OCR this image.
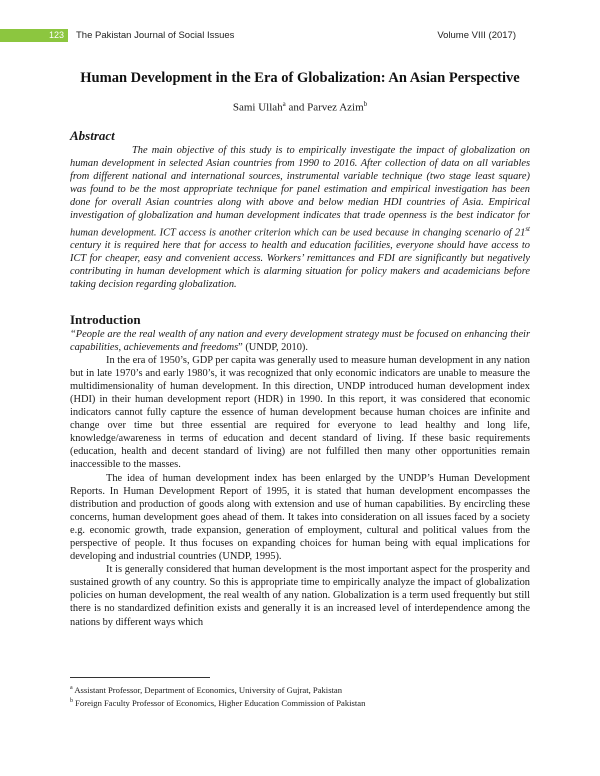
123	The Pakistan Journal of Social Issues	Volume VIII (2017)
Human Development in the Era of Globalization: An Asian Perspective
Sami Ullah$^a$ and Parvez Azim$^b$
Abstract

The main objective of this study is to empirically investigate the impact of globalization on human development in selected Asian countries from 1990 to 2016. After collection of data on all variables from different national and international sources, instrumental variable technique (two stage least square) was found to be the most appropriate technique for panel estimation and empirical investigation has been done for overall Asian countries along with above and below median HDI countries of Asia. Empirical investigation of globalization and human development indicates that trade openness is the best indicator for human development. ICT access is another criterion which can be used because in changing scenario of 21st century it is required here that for access to health and education facilities, everyone should have access to ICT for cheaper, easy and convenient access. Workers’ remittances and FDI are significantly but negatively contributing in human development which is alarming situation for policy makers and academicians before taking decision regarding globalization.

Introduction

“People are the real wealth of any nation and every development strategy must be focused on enhancing their capabilities, achievements and freedoms” (UNDP, 2010).

In the era of 1950’s, GDP per capita was generally used to measure human development in any nation but in late 1970’s and early 1980’s, it was recognized that only economic indicators are unable to measure the multidimensionality of human development. In this direction, UNDP introduced human development index (HDI) in their human development report (HDR) in 1990. In this report, it was considered that economic indicators cannot fully capture the essence of human development because human choices are infinite and change over time but three essential are required for everyone to lead healthy and long life, knowledge/awareness in terms of education and decent standard of living. If these basic requirements (education, health and decent standard of living) are not fulfilled then many other opportunities remain inaccessible to the masses.

The idea of human development index has been enlarged by the UNDP’s Human Development Reports. In Human Development Report of 1995, it is stated that human development encompasses the distribution and production of goods along with extension and use of human capabilities. By encircling these concerns, human development goes ahead of them. It takes into consideration on all issues faced by a society e.g. economic growth, trade expansion, generation of employment, cultural and political values from the perspective of people. It thus focuses on expanding choices for human being with equal implications for developing and industrial countries (UNDP, 1995).

It is generally considered that human development is the most important aspect for the prosperity and sustained growth of any country. So this is appropriate time to empirically analyze the impact of globalization policies on human development, the real wealth of any nation. Globalization is a term used frequently but still there is no standardized definition exists and generally it is an increased level of interdependence among the nations by different ways which

$^a$ Assistant Professor, Department of Economics, University of Gujrat, Pakistan
$^b$ Foreign Faculty Professor of Economics, Higher Education Commission of Pakistan
